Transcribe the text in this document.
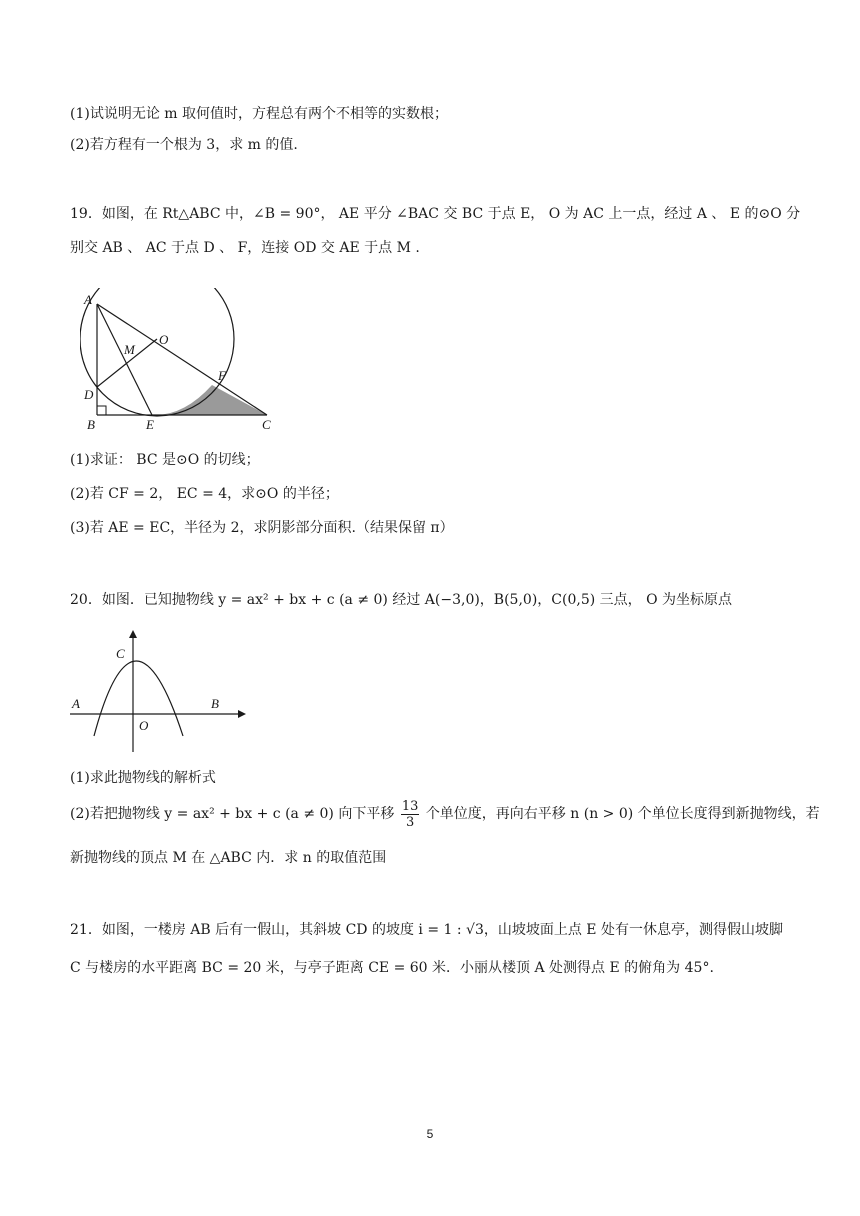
(1)试说明无论 m 取何值时，方程总有两个不相等的实数根；
(2)若方程有一个根为 3，求 m 的值.
19．如图，在 Rt△ABC 中，∠B = 90°， AE 平分 ∠BAC 交 BC 于点 E， O 为 AC 上一点，经过 A 、 E 的⊙O 分
别交 AB 、 AC 于点 D 、 F，连接 OD 交 AE 于点 M .
A
O
M
F
D
B	E	C
(1)求证： BC 是⊙O 的切线；
(2)若 CF = 2， EC = 4，求⊙O 的半径；
(3)若 AE = EC，半径为 2，求阴影部分面积.（结果保留 π）
20．如图．已知抛物线 y = ax² + bx + c (a ≠ 0) 经过 A(−3,0)，B(5,0)，C(0,5) 三点， O 为坐标原点
C
A	B
O
(1)求此抛物线的解析式
(2)若把抛物线 y = ax² + bx + c (a ≠ 0) 向下平移 $\frac{13}{3}$ 个单位度，再向右平移 n (n > 0) 个单位长度得到新抛物线，若
新抛物线的顶点 M 在 △ABC 内．求 n 的取值范围
21．如图，一楼房 AB 后有一假山，其斜坡 CD 的坡度 i = 1 : √3，山坡坡面上点 E 处有一休息亭，测得假山坡脚
C 与楼房的水平距离 BC = 20 米，与亭子距离 CE = 60 米．小丽从楼顶 A 处测得点 E 的俯角为 45°.
5
